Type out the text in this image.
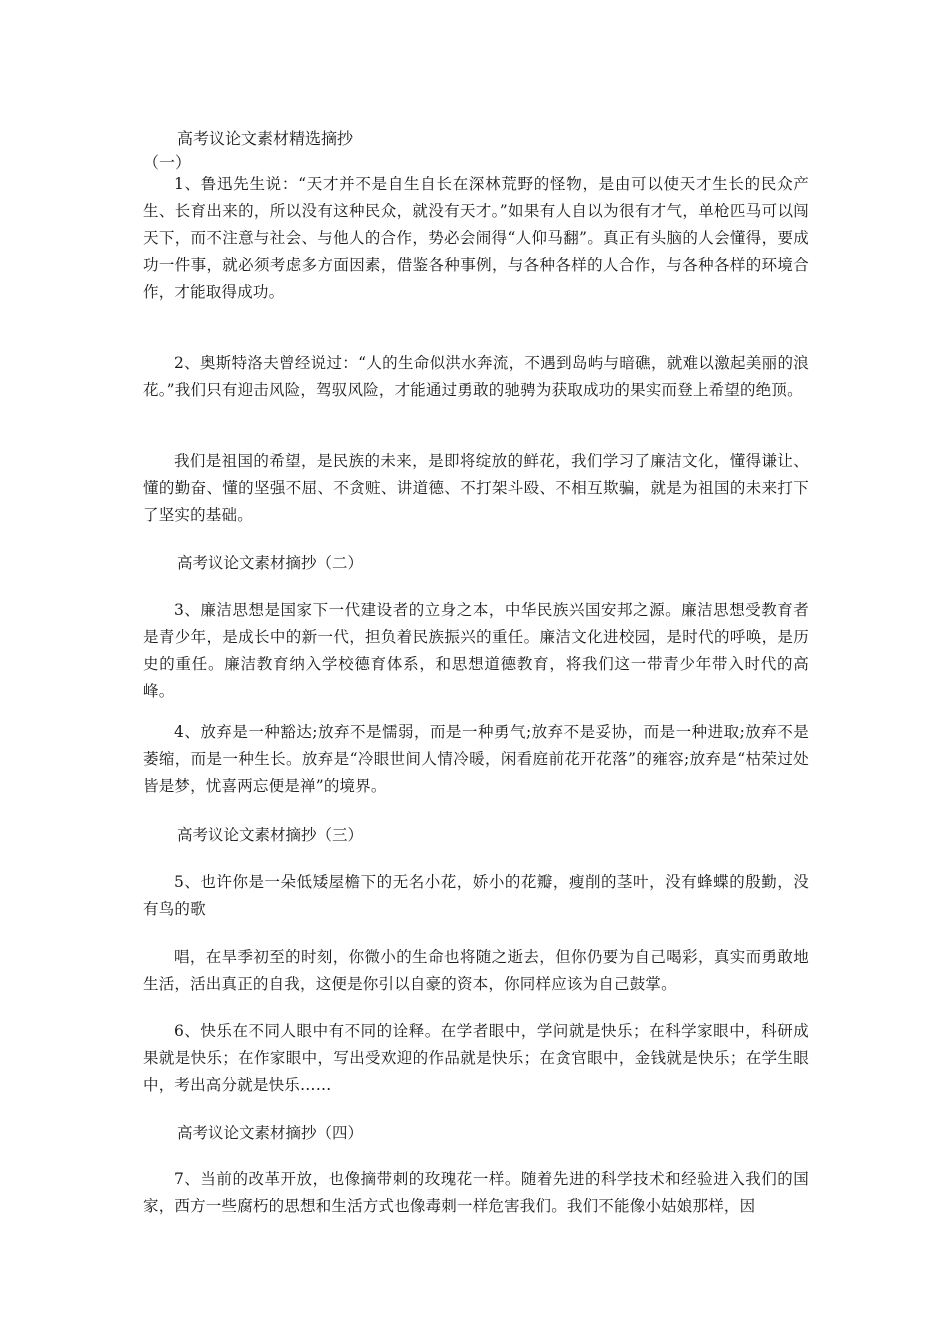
高考议论文素材精选摘抄
（一）

1、鲁迅先生说：“天才并不是自生自长在深林荒野的怪物，是由可以使天才生长的民众产生、长育出来的，所以没有这种民众，就没有天才。”如果有人自以为很有才气，单枪匹马可以闯天下，而不注意与社会、与他人的合作，势必会闹得“人仰马翻”。真正有头脑的人会懂得，要成功一件事，就必须考虑多方面因素，借鉴各种事例，与各种各样的人合作，与各种各样的环境合作，才能取得成功。

2、奥斯特洛夫曾经说过：“人的生命似洪水奔流，不遇到岛屿与暗礁，就难以激起美丽的浪花。”我们只有迎击风险，驾驭风险，才能通过勇敢的驰骋为获取成功的果实而登上希望的绝顶。

我们是祖国的希望，是民族的未来，是即将绽放的鲜花，我们学习了廉洁文化，懂得谦让、懂的勤奋、懂的坚强不屈、不贪赃、讲道德、不打架斗殴、不相互欺骗，就是为祖国的未来打下了坚实的基础。

高考议论文素材摘抄（二）

3、廉洁思想是国家下一代建设者的立身之本，中华民族兴国安邦之源。廉洁思想受教育者是青少年，是成长中的新一代，担负着民族振兴的重任。廉洁文化进校园，是时代的呼唤，是历史的重任。廉洁教育纳入学校德育体系，和思想道德教育，将我们这一带青少年带入时代的高峰。

4、放弃是一种豁达;放弃不是懦弱，而是一种勇气;放弃不是妥协，而是一种进取;放弃不是萎缩，而是一种生长。放弃是“冷眼世间人情冷暖，闲看庭前花开花落”的雍容;放弃是“枯荣过处皆是梦，忧喜两忘便是禅”的境界。

高考议论文素材摘抄（三）

5、也许你是一朵低矮屋檐下的无名小花，娇小的花瓣，瘦削的茎叶，没有蜂蝶的殷勤，没有鸟的歌

唱，在旱季初至的时刻，你微小的生命也将随之逝去，但你仍要为自己喝彩，真实而勇敢地生活，活出真正的自我，这便是你引以自豪的资本，你同样应该为自己鼓掌。

6、快乐在不同人眼中有不同的诠释。在学者眼中，学问就是快乐；在科学家眼中，科研成果就是快乐；在作家眼中，写出受欢迎的作品就是快乐；在贪官眼中，金钱就是快乐；在学生眼中，考出高分就是快乐……

高考议论文素材摘抄（四）

7、当前的改革开放，也像摘带刺的玫瑰花一样。随着先进的科学技术和经验进入我们的国家，西方一些腐朽的思想和生活方式也像毒刺一样危害我们。我们不能像小姑娘那样，因
